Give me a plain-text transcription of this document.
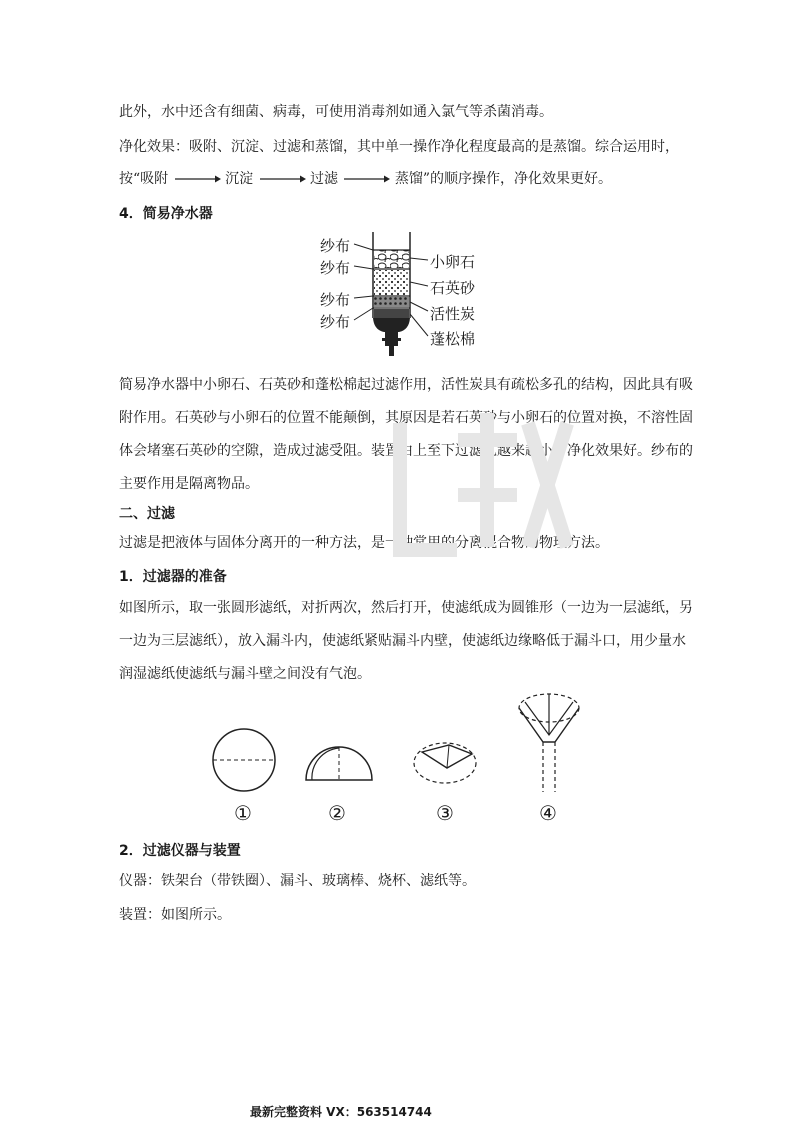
此外，水中还含有细菌、病毒，可使用消毒剂如通入氯气等杀菌消毒。

净化效果：吸附、沉淀、过滤和蒸馏，其中单一操作净化程度最高的是蒸馏。综合运用时，

按“吸附	沉淀	过滤	蒸馏”的顺序操作，净化效果更好。

4．简易净水器
纱布
纱布
纱布
纱布
小卵石
石英砂
活性炭
蓬松棉

简易净水器中小卵石、石英砂和蓬松棉起过滤作用，活性炭具有疏松多孔的结构，因此具有吸附作用。石英砂与小卵石的位置不能颠倒，其原因是若石英砂与小卵石的位置对换，不溶性固体会堵塞石英砂的空隙，造成过滤受阻。装置由上至下过滤孔越来越小，净化效果好。纱布的主要作用是隔离物品。

二、过滤

过滤是把液体与固体分离开的一种方法，是一种常用的分离混合物的物理方法。

1．过滤器的准备

如图所示，取一张圆形滤纸，对折两次，然后打开，使滤纸成为圆锥形（一边为一层滤纸，另一边为三层滤纸），放入漏斗内，使滤纸紧贴漏斗内壁，使滤纸边缘略低于漏斗口，用少量水润湿滤纸使滤纸与漏斗壁之间没有气泡。

①	②	③	④
2．过滤仪器与装置

仪器：铁架台（带铁圈）、漏斗、玻璃棒、烧杯、滤纸等。

装置：如图所示。

最新完整资料 VX：563514744
